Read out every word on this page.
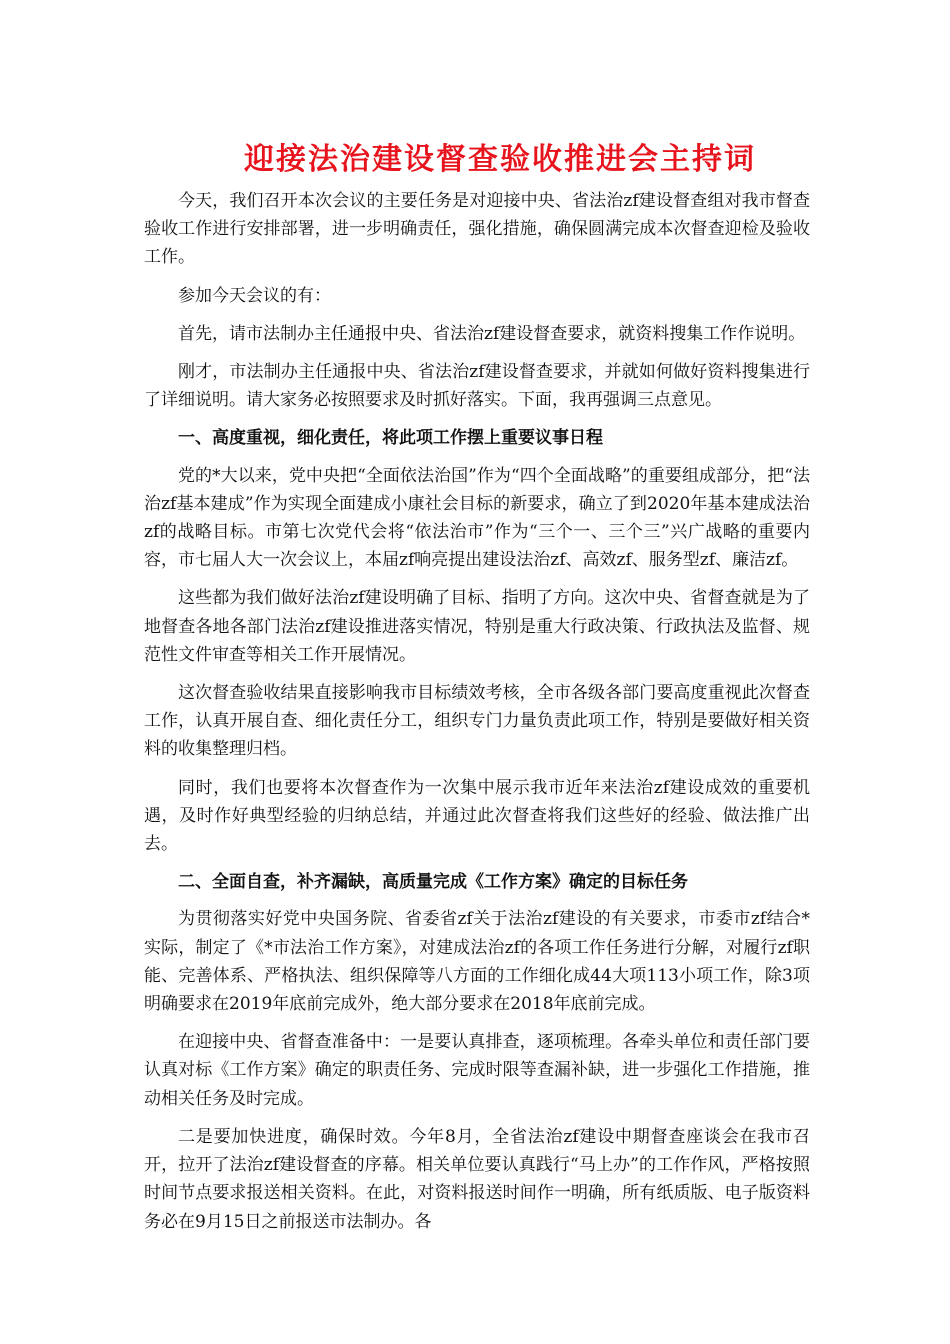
迎接法治建设督查验收推进会主持词

今天，我们召开本次会议的主要任务是对迎接中央、省法治zf建设督查组对我市督查验收工作进行安排部署，进一步明确责任，强化措施，确保圆满完成本次督查迎检及验收工作。

参加今天会议的有：

首先，请市法制办主任通报中央、省法治zf建设督查要求，就资料搜集工作作说明。

刚才，市法制办主任通报中央、省法治zf建设督查要求，并就如何做好资料搜集进行了详细说明。请大家务必按照要求及时抓好落实。下面，我再强调三点意见。

一、高度重视，细化责任，将此项工作摆上重要议事日程

党的*大以来，党中央把“全面依法治国”作为“四个全面战略”的重要组成部分，把“法治zf基本建成”作为实现全面建成小康社会目标的新要求，确立了到2020年基本建成法治zf的战略目标。市第七次党代会将“依法治市”作为“三个一、三个三”兴广战略的重要内容，市七届人大一次会议上，本届zf响亮提出建设法治zf、高效zf、服务型zf、廉洁zf。

这些都为我们做好法治zf建设明确了目标、指明了方向。这次中央、省督查就是为了地督查各地各部门法治zf建设推进落实情况，特别是重大行政决策、行政执法及监督、规范性文件审查等相关工作开展情况。

这次督查验收结果直接影响我市目标绩效考核，全市各级各部门要高度重视此次督查工作，认真开展自查、细化责任分工，组织专门力量负责此项工作，特别是要做好相关资料的收集整理归档。

同时，我们也要将本次督查作为一次集中展示我市近年来法治zf建设成效的重要机遇，及时作好典型经验的归纳总结，并通过此次督查将我们这些好的经验、做法推广出去。

二、全面自查，补齐漏缺，高质量完成《工作方案》确定的目标任务

为贯彻落实好党中央国务院、省委省zf关于法治zf建设的有关要求，市委市zf结合*实际，制定了《*市法治工作方案》，对建成法治zf的各项工作任务进行分解，对履行zf职能、完善体系、严格执法、组织保障等八方面的工作细化成44大项113小项工作，除3项明确要求在2019年底前完成外，绝大部分要求在2018年底前完成。

在迎接中央、省督查准备中：一是要认真排查，逐项梳理。各牵头单位和责任部门要认真对标《工作方案》确定的职责任务、完成时限等查漏补缺，进一步强化工作措施，推动相关任务及时完成。

二是要加快进度，确保时效。今年8月，全省法治zf建设中期督查座谈会在我市召开，拉开了法治zf建设督查的序幕。相关单位要认真践行“马上办”的工作作风，严格按照时间节点要求报送相关资料。在此，对资料报送时间作一明确，所有纸质版、电子版资料务必在9月15日之前报送市法制办。各
